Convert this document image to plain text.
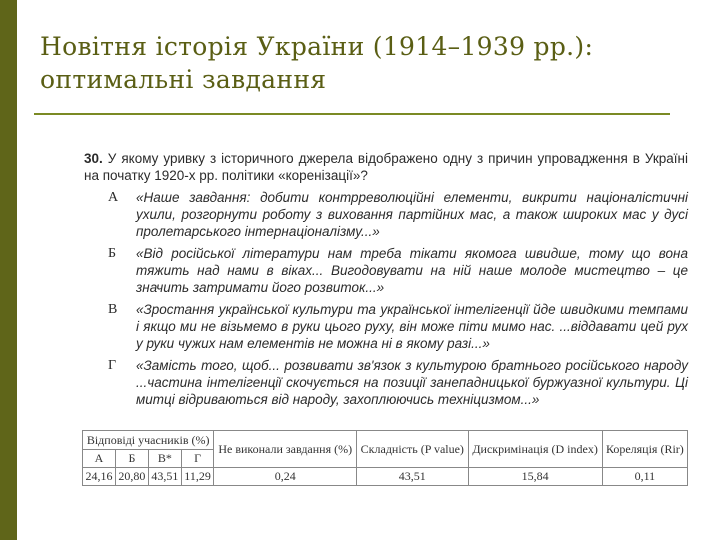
Новітня історія України (1914–1939 рр.): оптимальні завдання
30. У якому уривку з історичного джерела відображено одну з причин упровадження в Україні на початку 1920-х рр. політики «коренізації»?
А	«Наше завдання: добити контрреволюційні елементи, викрити націоналістичні ухили, розгорнути роботу з виховання партійних мас, а також широких мас у дусі пролетарського інтернаціоналізму...»
Б	«Від російської літератури нам треба тікати якомога швидше, тому що вона тяжить над нами в віках... Вигодовувати на ній наше молоде мистецтво – це значить затримати його розвиток...»
В	«Зростання української культури та української інтелігенції йде швидкими темпами і якщо ми не візьмемо в руки цього руху, він може піти мимо нас. ...віддавати цей рух у руки чужих нам елементів не можна ні в якому разі...»
Г	«Замість того, щоб... розвивати зв'язок з культурою братнього російського народу ...частина інтелігенції скочується на позиції занепадницької буржуазної культури. Ці митці відриваються від народу, захоплюючись техніцизмом...»
Відповіді учасників (%)				Не виконали завдання (%)	Складність (P value)	Дискримінація (D index)	Кореляція (Rir)
А	Б	В*	Г				
24,16	20,80	43,51	11,29	0,24	43,51	15,84	0,11
